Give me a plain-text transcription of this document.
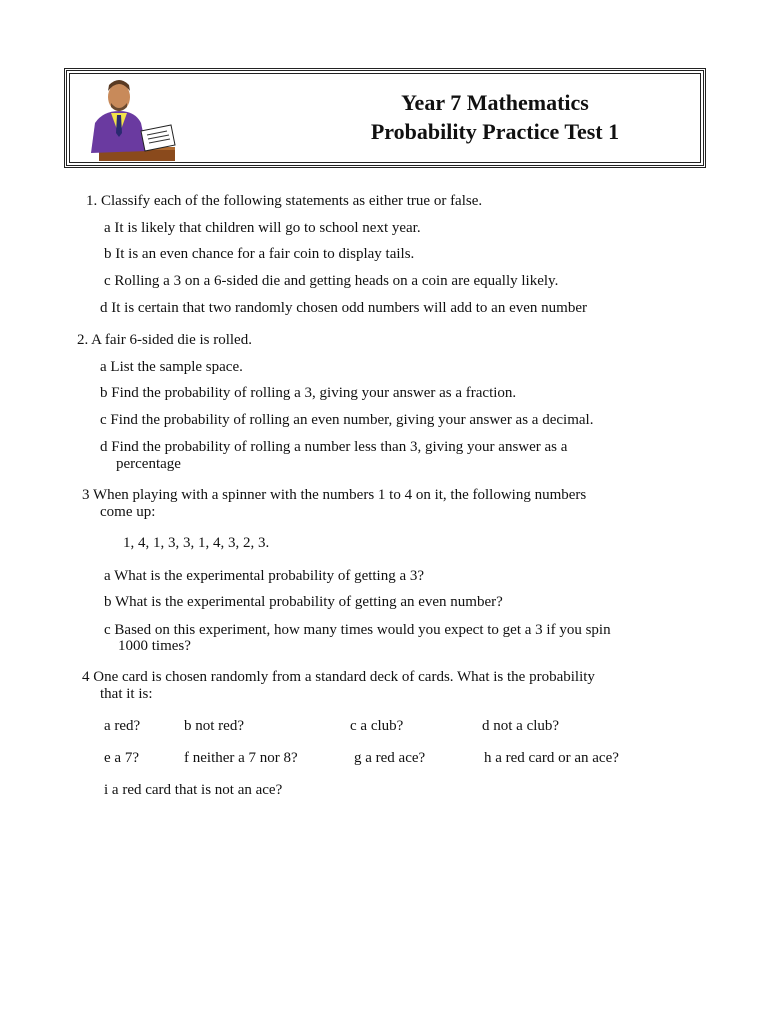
Year 7 Mathematics
Probability Practice Test 1
1. Classify each of the following statements as either true or false.
a It is likely that children will go to school next year.
b It is an even chance for a fair coin to display tails.
c Rolling a 3 on a 6-sided die and getting heads on a coin are equally likely.
d It is certain that two randomly chosen odd numbers will add to an even number
2. A fair 6-sided die is rolled.
a List the sample space.
b Find the probability of rolling a 3, giving your answer as a fraction.
c Find the probability of rolling an even number, giving your answer as a decimal.
d Find the probability of rolling a number less than 3, giving your answer as a
percentage
3 When playing with a spinner with the numbers 1 to 4 on it, the following numbers
come up:
1, 4, 1, 3, 3, 1, 4, 3, 2, 3.
a What is the experimental probability of getting a 3?
b What is the experimental probability of getting an even number?
c Based on this experiment, how many times would you expect to get a 3 if you spin
1000 times?
4 One card is chosen randomly from a standard deck of cards. What is the probability
that it is:
a red?	b not red?	c a club?	d not a club?
e a 7?	f neither a 7 nor 8?	g a red ace?	h a red card or an ace?
i a red card that is not an ace?
